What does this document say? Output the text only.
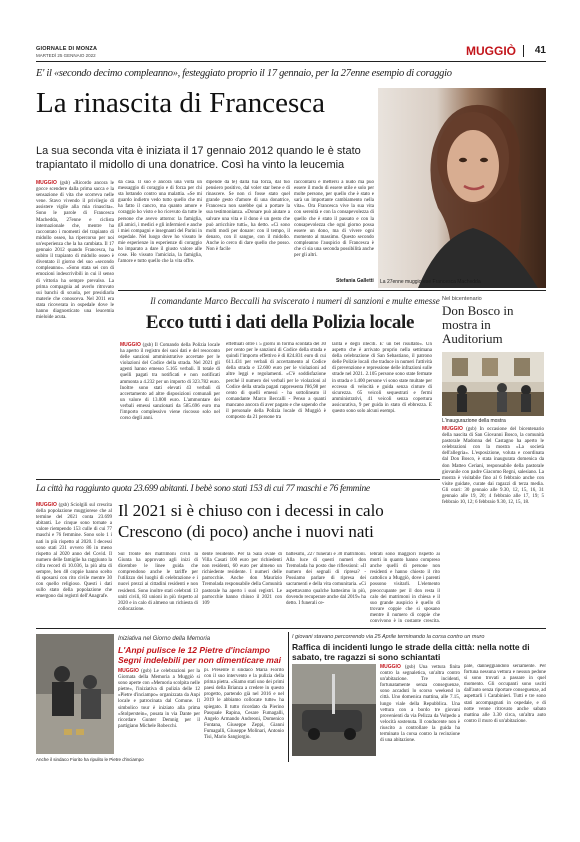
GIORNALE DI MONZA
MARTEDÌ 25 GENNAIO 2022	MUGGIÒ 41
E' il «secondo decimo compleanno», festeggiato proprio il 17 gennaio, per la 27enne esempio di coraggio
La rinascita di Francesca
La sua seconda vita è iniziata il 17 gennaio 2012 quando le è stato trapiantato il midollo di una donatrice. Così ha vinto la leucemia
MUGGIÒ (gsb) «Ricordo ancora le gocce scendere dalla prima sacca e la sensazione di vita che scorreva nelle vene. Stavo vivendo il privilegio di assistere vigile alla mia rinascita». Sono le parole di Francesca Machedda, 27enne e ciclista internazionale che, mentre ha raccontato i momenti del trapianto di midollo osseo, ha ripercorso per noi un'esperienza che la ha cambiata. Il 17 gennaio 2012 quando Francesca, ha subito il trapianto di midollo osseo è diventato il giorno del suo «secondo compleanno». «Sono stata sei con di emozioni indescrivibili in cui il senso di vittoria ha sempre prevalso. La prima compagnia ad averlo ritrovato sui banchi di scuola, per presidiarla materie che conosceva. Nel 2011 era stata ricoverata in ospedale dove le hanno diagnosticato una leucemia mieloide acuta.
da casa. Il suo è ancora una volta un messaggio di coraggio e di forza per chi sta lottando contro una malattia. «Se mi guardo indietro vedo tutto quello che mi ha fatto il cancro, ma quanto amore e coraggio ho visto e ho ricevuto da tutte le persone che avevo attorno: la famiglia, gli amici, i medici e gli infermieri e anche i miei compagni e insegnanti del Parini in ospedale. Nel luogo dove ho vissuto le mie esperienze in esperienze di coraggio ho imparato a dare il giusto valore alle cose. Ho vissuto l'amicizia, la famiglia, l'amore e tutto quello che la vita offre.
dipende da te) dalla tua forza, dal tuo pensiero positivo, dal voler star bene e di rinascere. Se non ci fosse stato quel grande gesto d'amore di una donatrice, Francesca non sarebbe qui a portare la sua testimonianza. «Donare può aiutare a salvare una vita e il dono è un gesto che può arricchire tutti», ha detto. «Ci sono molti modi per donare: con il tempo, il denaro, con il sangue, con il midollo. Anche io cerco di dare quello che posso. Non è facile
raccontarsi e mettersi a nudo ma può essere il modo di essere utile e solo per molte persone, per quello che è stato e sarà un importante cambiamento nella vita». Ora Francesca vive la sua vita con serenità e con la consapevolezza di quello che è stato il passato e con la consapevolezza che ogni giorno possa essere un dono, ma di vivere ogni momento al massimo. Questo secondo compleanno l'auspicio di Francesca è che ci sia una seconda possibilità anche per gli altri.
Stefania Galletti La 27enne muggiorese Francesca Machedda
Il comandante Marco Beccalli ha sviscerato i numeri di sanzioni e multe emesse
Ecco tutti i dati della Polizia locale
MUGGIÒ (gsb) Il Comando della Polizia locale ha aperto il registro dei suoi dati e del resoconto delle sanzioni amministrative accertate per le violazioni del Codice della strada. Nel 2021 gli agenti hanno emesso 5.165 verbali. Il totale di quelli pagati tra notificati e non notificati ammonta a 4.232 per un importo di 323.782 euro. Inoltre sono stati elevati 43 verbali di accertamento ad altre disposizioni comunali per un valore di 13.000 euro. L'ammontare dei verbali emessi sanzionati da 585.696 euro ma l'importo complessivo viene riscosso solo nel corso degli anni.
effettuati oltre i 5 giorni in forma scontata del 30 per cento per le sanzioni di Codice della strada e quindi l'importo effettivo è di 824.831 euro di cui 611.431 per verbali di accertamento al Codice della strada e 12.600 euro per le violazioni ad altre leggi e regolamenti. «C'è soddisfazione perché il numero dei verbali per le violazioni al Codice della strada pagati rappresenta l'86,98 per cento di quelli emessi - ha sottolineato il comandante Marco Beccalli - Penso a quanti mancano ancora di aver pagato e che sapendo che il personale della Polizia locale di Muggiò è composto da 21 persone tra
larità e degli illeciti. E' un bel risultato». Un aspetto che è arrivato proprio nella settimana della celebrazione di San Sebastiano, il patrono delle Polizie locali che traduce in numeri l'attività di prevenzione e repressione delle infrazioni sulle strade nel 2021. 2.105 persone sono state fermate in strada e 1.400 persone vi sono state multate per eccesso di velocità e guida senza cinture di sicurezza. 65 veicoli sequestrati e fermi amministrativi, 41 veicoli senza copertura assicurativa, 9 per guida in stato di ebbrezza. E questo sono solo alcuni esempi.
Nel bicentenario
Don Bosco in mostra in Auditorium
L'inaugurazione della mostra
MUGGIÒ (gsb) In occasione del bicentenario della nascita di San Giovanni Bosco, la comunità pastorale Madonna del Castagno ha aperto le celebrazioni con la mostra «La società dell'allegria». L'esposizione, voluta e coordinata dal Don Bosco, è stata inaugurata domenica da don Matteo Ceriani, responsabile della pastorale giovanile con padre Giacomo Regni, salesiano. La mostra è visitabile fino al 6 febbraio anche con visite guidate, curate dai ragazzi di terza media. Gli orari: 30 gennaio alle 9.30, 12, 15, 16, 31 gennaio alle 19, 20; 4 febbraio alle 17, 19; 5 febbraio 10, 12; 6 febbraio 9.30, 12, 15, 18.
La città ha raggiunto quota 23.699 abitanti. I bebè sono stati 153 di cui 77 maschi e 76 femmine
MUGGIÒ (gsb) Sciolgili sul crescita della popolazione muggiorese che al termine del 2021 conta 23.699 abitanti. Le cinque sono tornate a valore riempendo 153 culle di cui 77 maschi e 76 femmine. Sono solo 1 i nati in più rispetto al 2020. I decessi sono stati 231 ovvero 86 in meno rispetto al 2020 anno del Covid. Il numero delle famiglie ha raggiunto la cifra record di 10.036, la più alta di sempre, ben 48 coppie hanno scelto di sposarsi con rito civile mentre 30 con quello religioso. Questi i dati sullo stato della popolazione che emergono dai registri dell'Anagrafe.
Il 2021 si è chiuso con i decessi in calo Crescono (di poco) anche i nuovi nati
Sul fronte dei matrimoni civili la Giunta ha approvato agli inizi di dicembre le linee guida che comprendono anche le tariffe per l'utilizzo dei luoghi di celebrazione e i nuovi prezzi ai cittadini residenti e non residenti. Sono inoltre stati celebrati 13 uniti civili, 83 unioni in più rispetto al 2020 e in calo di almeno un richiesta di collocazione.
dente residente. Per la Sala ovale di Villa Casati 100 euro per richiedenti non residenti, 60 euro per almeno un richiedente residente. I numeri delle parrocchie. Anche don Maurizio Tremolada responsabile della Comunità pastorale ha aperto i suoi registri. Le parrocchie hanno chiuso il 2021 con 109
battesimi, 227 funerali e 30 matrimoni. Alla luce di questi numeri don Tremolada ha posto due riflessioni: «Il numero dei segnali di ripresa? - Possiamo parlare di ripresa dei sacramenti e della vita comunitaria. «Ci aspettavamo qualche battesimo in più, dovendo recuperare anche dal 2019» ha detto. I funerali ce-
lebrati sono maggiori rispetto ai morti in quanto hanno compreso anche quelli di persone non residenti e hanno chiesto il rito cattolico a Muggiò, dove i parenti possono visitarli. L'elemento preoccupante per il don resta il calo dei matrimoni in chiesa e il suo grande auspicio è quello di trovare coppie che si sposano mentre il numero di coppie che convivono è in costante crescita.
Anche il sindaco Fiorito ha ripulito le Pietre d'inciampo
Iniziativa nel Giorno della Memoria
L'Anpi pulisce le 12 Pietre d'inciampo Segni indelebili per non dimenticare mai
MUGGIÒ (gsb) Le celebrazioni per la Giornata della Memoria a Muggiò si sono aperte con «Memoria scolpita nelle pietre», l'iniziativa di pulizia delle 12 «Pietre d'inciampo» organizzata da Anpi locale e patrocinata dal Comune. Il simbolico tour è iniziato alla prima «Stolperstein», posata in via Dante per ricordare Gunter Demnig per il partigiano Michele Robecchi.
pi. Presente il sindaco Maria Fiorito con il suo intervento e la pulizia della prima pietra. «Siamo stati uno dei primi paesi della Brianza a credere in questo progetto, partendo già nel 2016 e nel 2019 le abbiamo collocate tutte» ha spiegato. Il tutto ricordato da Pierino Pasquale Rapina, Cesare Fumagalli, Angelo Armando Andreoni, Domenico Fontana, Giuseppe Zeppi, Gianni Fumagalli, Giuseppe Molinari, Antonio Tisi, Mario Sangiorgio.
I giovani stavano percorrendo via 25 Aprile terminando la corsa contro un muro
Raffica di incidenti lungo le strade della città: nella notte di sabato, tre ragazzi si sono schiantati
MUGGIÒ (gsb) Una vettura finita contro la segnaletica, un'altra contro un'abitazione. Tre incidenti, fortunatamente senza conseguenze, sono accaduti lo scorso weekend in città. Uno domenica mattina, alle 7.15, lungo viale della Repubblica. Una vettura con a bordo tre giovani provenienti da via Pelizza da Volpedo a velocità sostenuta. Il conducente non è riuscito a controllare la guida ha terminato la corsa contro la recinzione di una abitazione.
pale, danneggiandolo seriamente. Per fortuna nessuna vettura e nessun pedone si sono trovati a passare in quel momento. Gli occupanti sono usciti dall'auto senza riportare conseguenze, ad aspettarli i Carabinieri. Tutti e tre sono stati accompagnati in ospedale, e di notte venne ritrovato anche sabato mattina alle 3.30 circa, un'altra auto contro il muro di un'abitazione.
